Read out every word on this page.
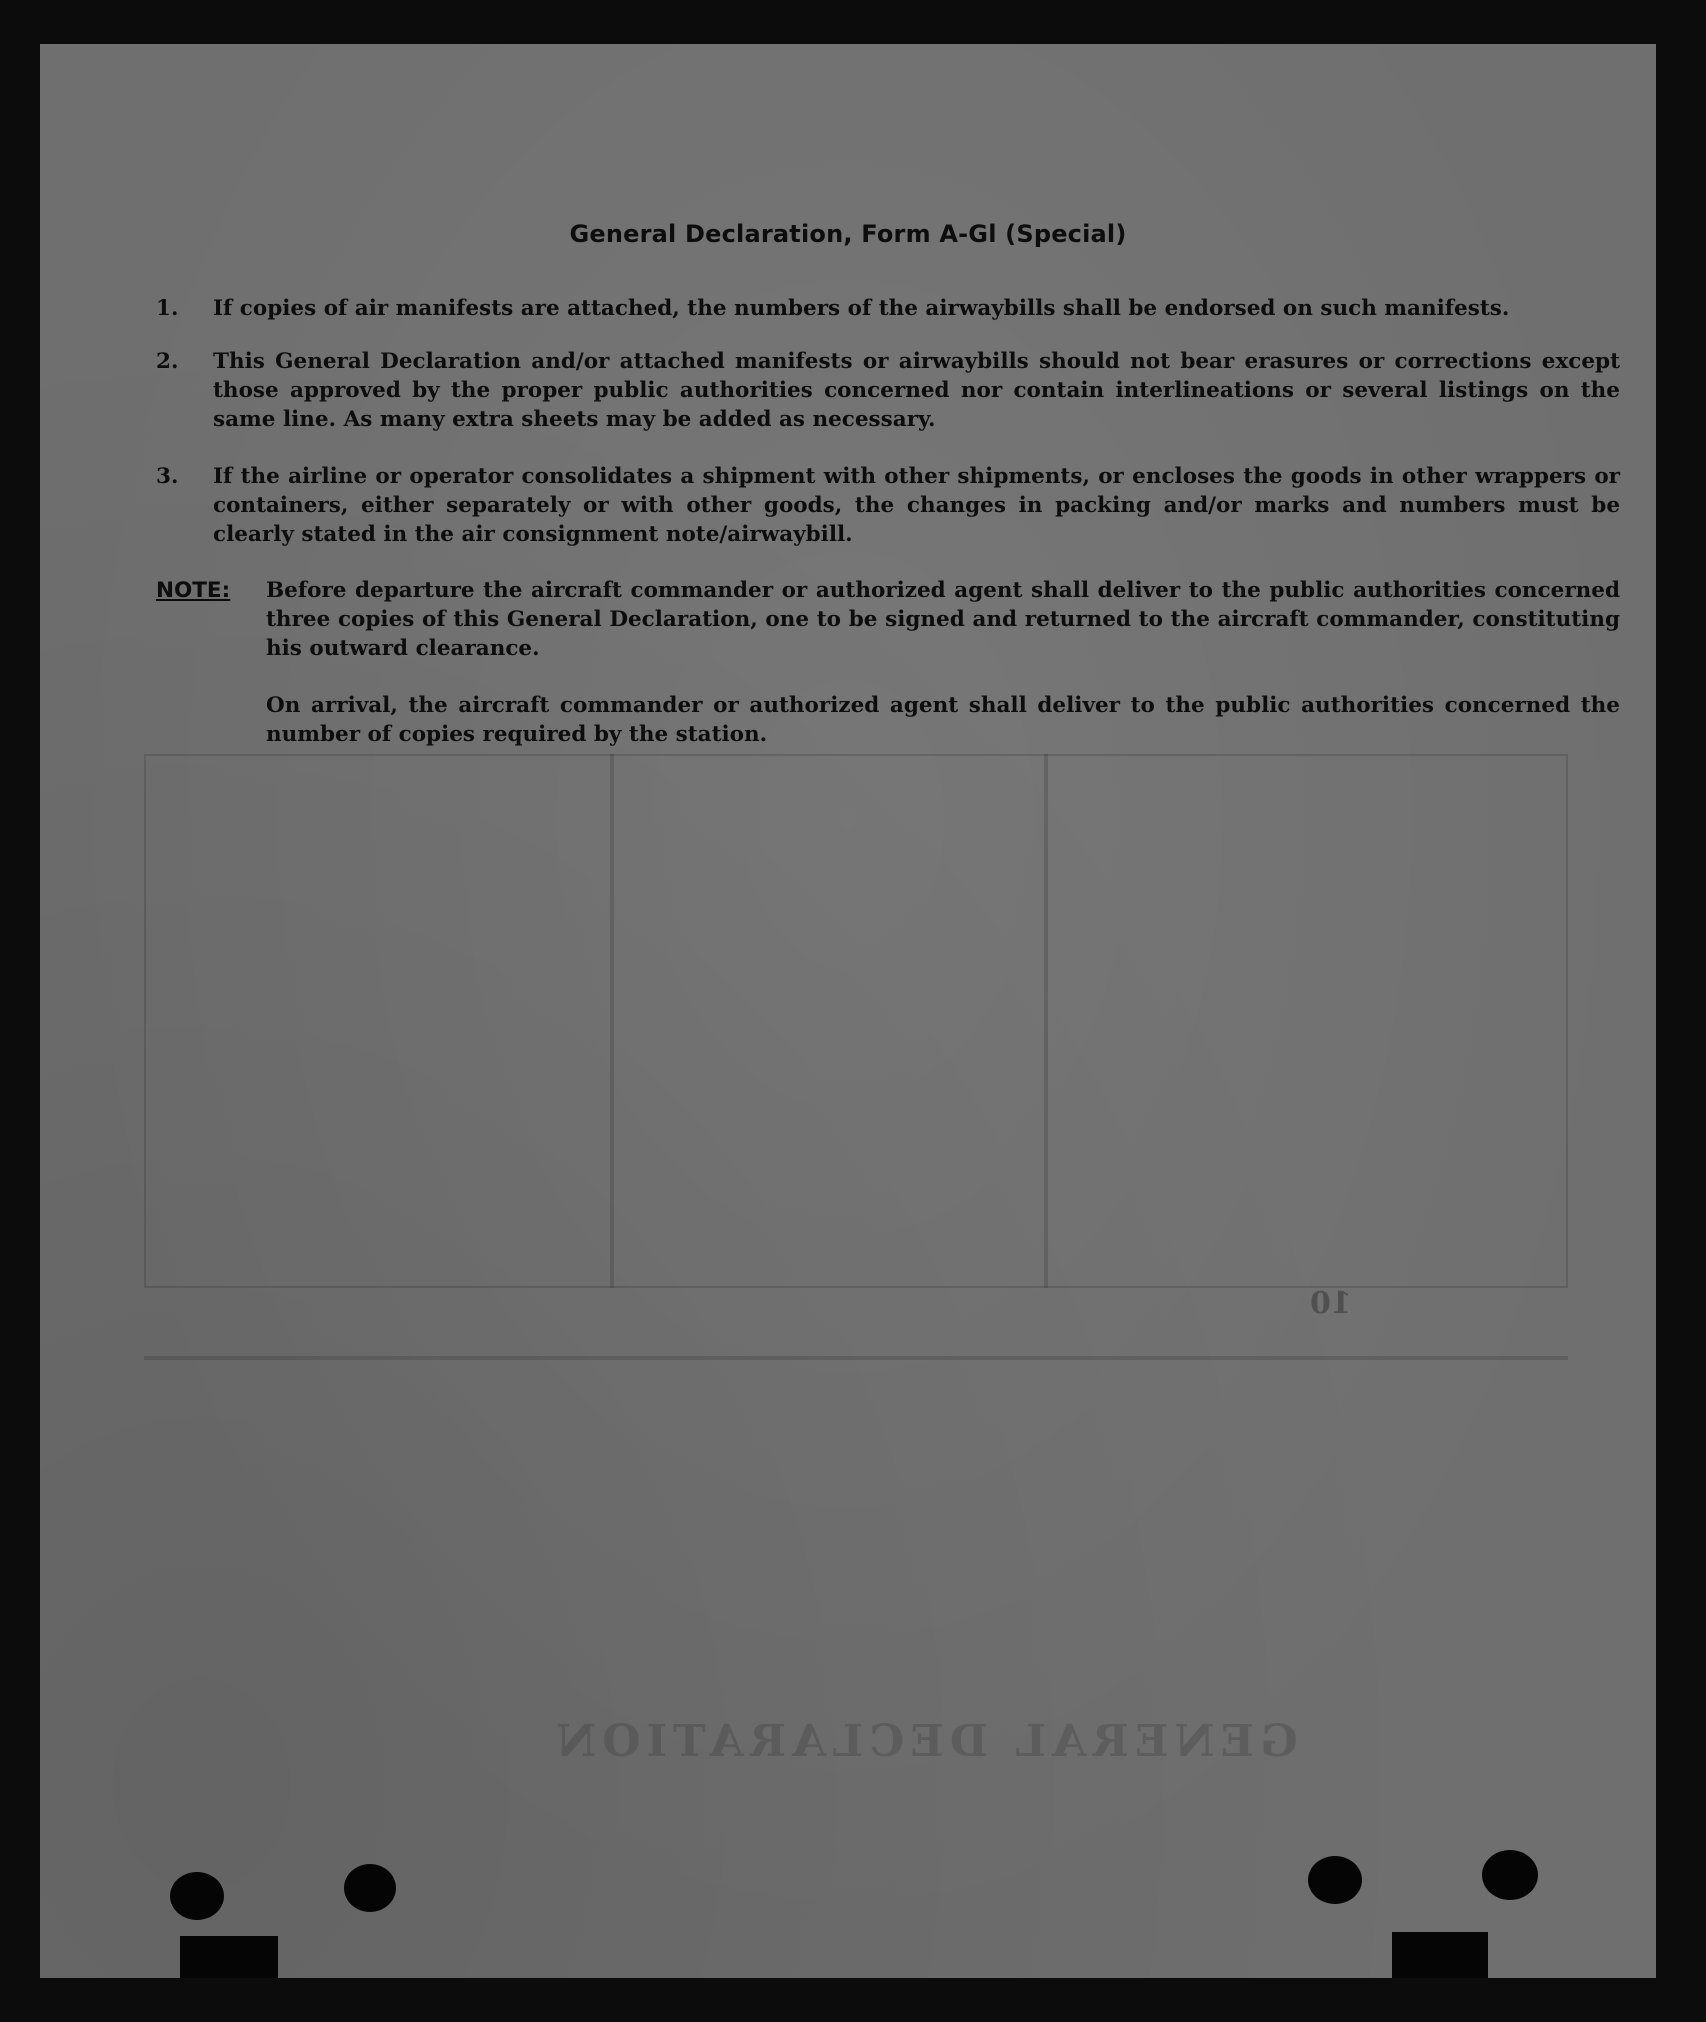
GENERAL DECLARATION
10
General Declaration, Form A-Gl (Special)
1. If copies of air manifests are attached, the numbers of the airwaybills shall be endorsed on such manifests.
2. This General Declaration and/or attached manifests or airwaybills should not bear erasures or corrections except those approved by the proper public authorities concerned nor contain interlineations or several listings on the same line. As many extra sheets may be added as necessary.
3. If the airline or operator consolidates a shipment with other shipments, or encloses the goods in other wrappers or containers, either separately or with other goods, the changes in packing and/or marks and numbers must be clearly stated in the air consignment note/airwaybill.
NOTE: Before departure the aircraft commander or authorized agent shall deliver to the public authorities concerned three copies of this General Declaration, one to be signed and returned to the aircraft commander, constituting his outward clearance.
On arrival, the aircraft commander or authorized agent shall deliver to the public authorities concerned the number of copies required by the station.
